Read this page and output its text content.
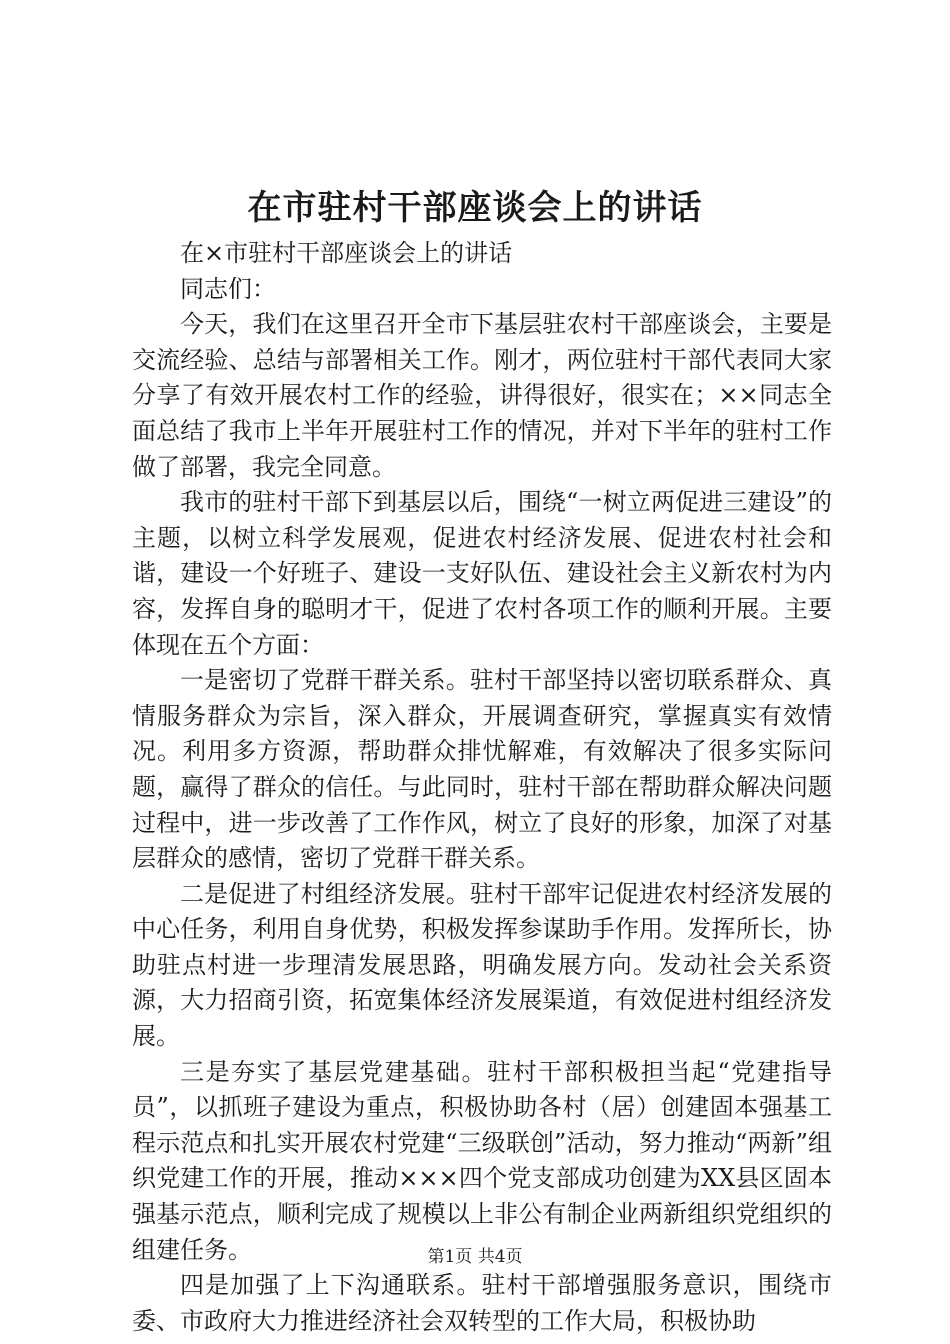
在市驻村干部座谈会上的讲话

在×市驻村干部座谈会上的讲话

同志们：

今天，我们在这里召开全市下基层驻农村干部座谈会，主要是交流经验、总结与部署相关工作。刚才，两位驻村干部代表同大家分享了有效开展农村工作的经验，讲得很好，很实在；××同志全面总结了我市上半年开展驻村工作的情况，并对下半年的驻村工作做了部署，我完全同意。

我市的驻村干部下到基层以后，围绕“一树立两促进三建设”的主题，以树立科学发展观，促进农村经济发展、促进农村社会和谐，建设一个好班子、建设一支好队伍、建设社会主义新农村为内容，发挥自身的聪明才干，促进了农村各项工作的顺利开展。主要体现在五个方面：

一是密切了党群干群关系。驻村干部坚持以密切联系群众、真情服务群众为宗旨，深入群众，开展调查研究，掌握真实有效情况。利用多方资源，帮助群众排忧解难，有效解决了很多实际问题，赢得了群众的信任。与此同时，驻村干部在帮助群众解决问题过程中，进一步改善了工作作风，树立了良好的形象，加深了对基层群众的感情，密切了党群干群关系。

二是促进了村组经济发展。驻村干部牢记促进农村经济发展的中心任务，利用自身优势，积极发挥参谋助手作用。发挥所长，协助驻点村进一步理清发展思路，明确发展方向。发动社会关系资源，大力招商引资，拓宽集体经济发展渠道，有效促进村组经济发展。

三是夯实了基层党建基础。驻村干部积极担当起“党建指导员”，以抓班子建设为重点，积极协助各村（居）创建固本强基工程示范点和扎实开展农村党建“三级联创”活动，努力推动“两新”组织党建工作的开展，推动×××四个党支部成功创建为XX县区固本强基示范点，顺利完成了规模以上非公有制企业两新组织党组织的组建任务。

四是加强了上下沟通联系。驻村干部增强服务意识，围绕市委、市政府大力推进经济社会双转型的工作大局，积极协助

第1页 共4页
